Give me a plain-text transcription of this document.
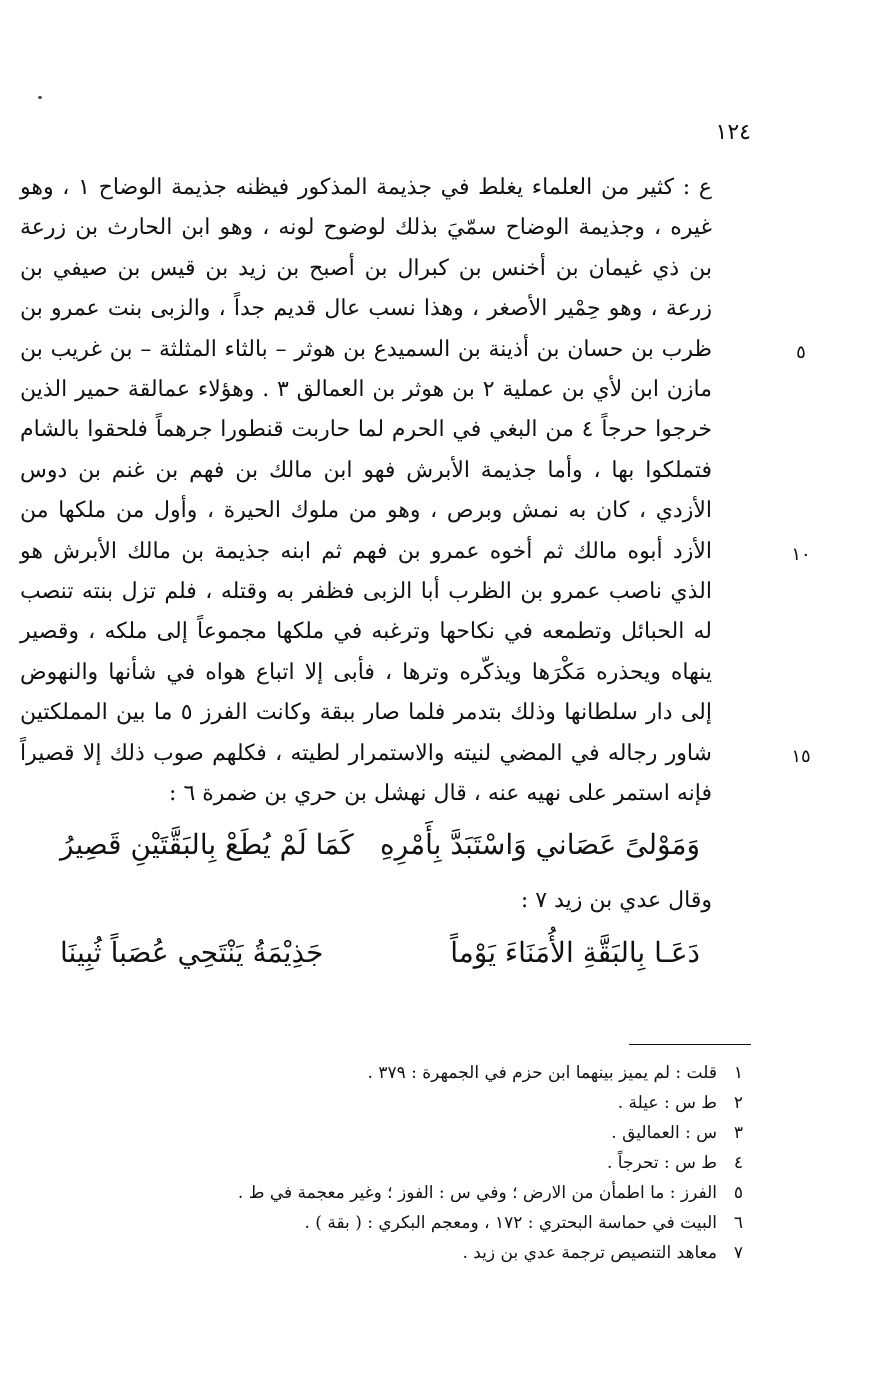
١٢٤

ع : كثير من العلماء يغلط في جذيمة المذكور فيظنه جذيمة الوضاح ١ ، وهو غيره ، وجذيمة الوضاح سمّيَ بذلك لوضوح لونه ، وهو ابن الحارث بن زرعة بن ذي غيمان بن أخنس بن كبرال بن أصبح بن زيد بن قيس بن صيفي بن زرعة ، وهو حِمْير الأصغر ، وهذا نسب عال قديم جداً ، والزبى بنت عمرو بن ظرب بن حسان بن أذينة بن السميدع بن هوثر – بالثاء المثلثة – بن غريب بن مازن ابن لأي بن عملية ٢ بن هوثر بن العمالق ٣ . وهؤلاء عمالقة حمير الذين خرجوا حرجاً ٤ من البغي في الحرم لما حاربت قنطورا جرهماً فلحقوا بالشام فتملكوا بها ، وأما جذيمة الأبرش فهو ابن مالك بن فهم بن غنم بن دوس الأزدي ، كان به نمش وبرص ، وهو من ملوك الحيرة ، وأول من ملكها من الأزد أبوه مالك ثم أخوه عمرو بن فهم ثم ابنه جذيمة بن مالك الأبرش هو الذي ناصب عمرو بن الظرب أبا الزبى فظفر به وقتله ، فلم تزل بنته تنصب له الحبائل وتطمعه في نكاحها وترغبه في ملكها مجموعاً إلى ملكه ، وقصير ينهاه ويحذره مَكْرَها ويذكّره وترها ، فأبى إلا اتباع هواه في شأنها والنهوض إلى دار سلطانها وذلك بتدمر فلما صار ببقة وكانت الفرز ٥ ما بين المملكتين شاور رجاله في المضي لنيته والاستمرار لطيته ، فكلهم صوب ذلك إلا قصيراً فإنه استمر على نهيه عنه ، قال نهشل بن حري بن ضمرة ٦ :

٥
١٠
١٥
وَمَوْلىً عَصَاني وَاسْتَبَدَّ بِأَمْرِهِ
كَمَا لَمْ يُطَعْ بِالبَقَّتَيْنِ قَصِيرُ
وقال عدي بن زيد ٧ :
دَعَـا بِالبَقَّةِ الأُمَنَاءَ يَوْماً
جَذِيْمَةُ يَنْتَحِي عُصَباً ثُبِينَا
١
قلت : لم يميز بينهما ابن حزم في الجمهرة : ٣٧٩ .
٢
ط س : عيلة .
٣
س : العماليق .
٤
ط س : تحرجاً .
٥
الفرز : ما اطمأن من الارض ؛ وفي س : الفوز ؛ وغير معجمة في ط .
٦
البيت في حماسة البحتري : ١٧٢ ، ومعجم البكري : ( بقة ) .
٧
معاهد التنصيص ترجمة عدي بن زيد .
